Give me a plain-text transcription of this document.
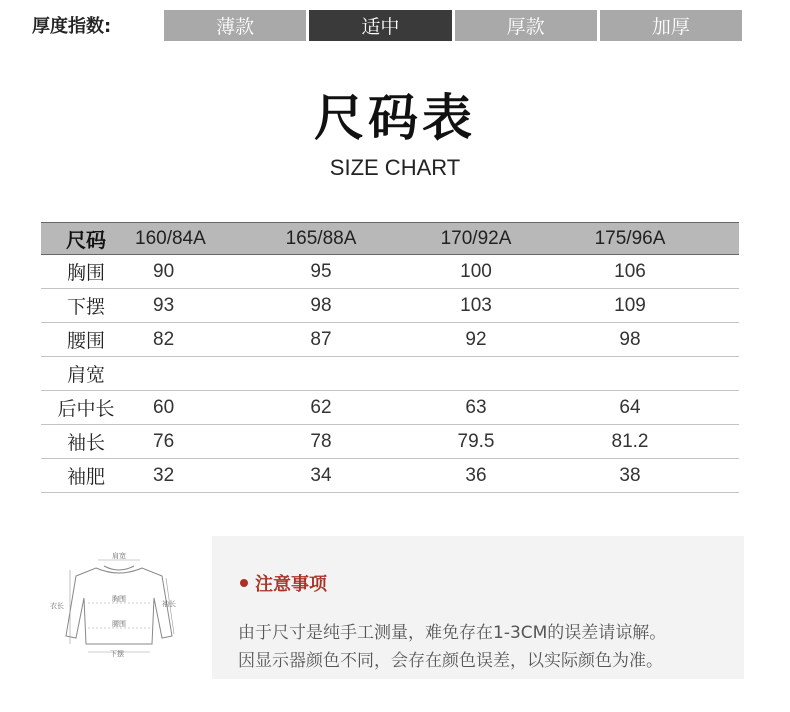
厚度指数:	薄款	适中	厚款	加厚
尺码表
SIZE CHART
尺码	160/84A	165/88A	170/92A	175/96A	
胸围	90	95	100	106	
下摆	93	98	103	109	
腰围	82	87	92	98	
肩宽					
后中长	60	62	63	64	
袖长	76	78	79.5	81.2	
袖肥	32	34	36	38	
肩宽
胸围
腰围
衣长	袖长
下摆
注意事项
由于尺寸是纯手工测量，难免存在1-3CM的误差请谅解。
因显示器颜色不同，会存在颜色误差，以实际颜色为准。
